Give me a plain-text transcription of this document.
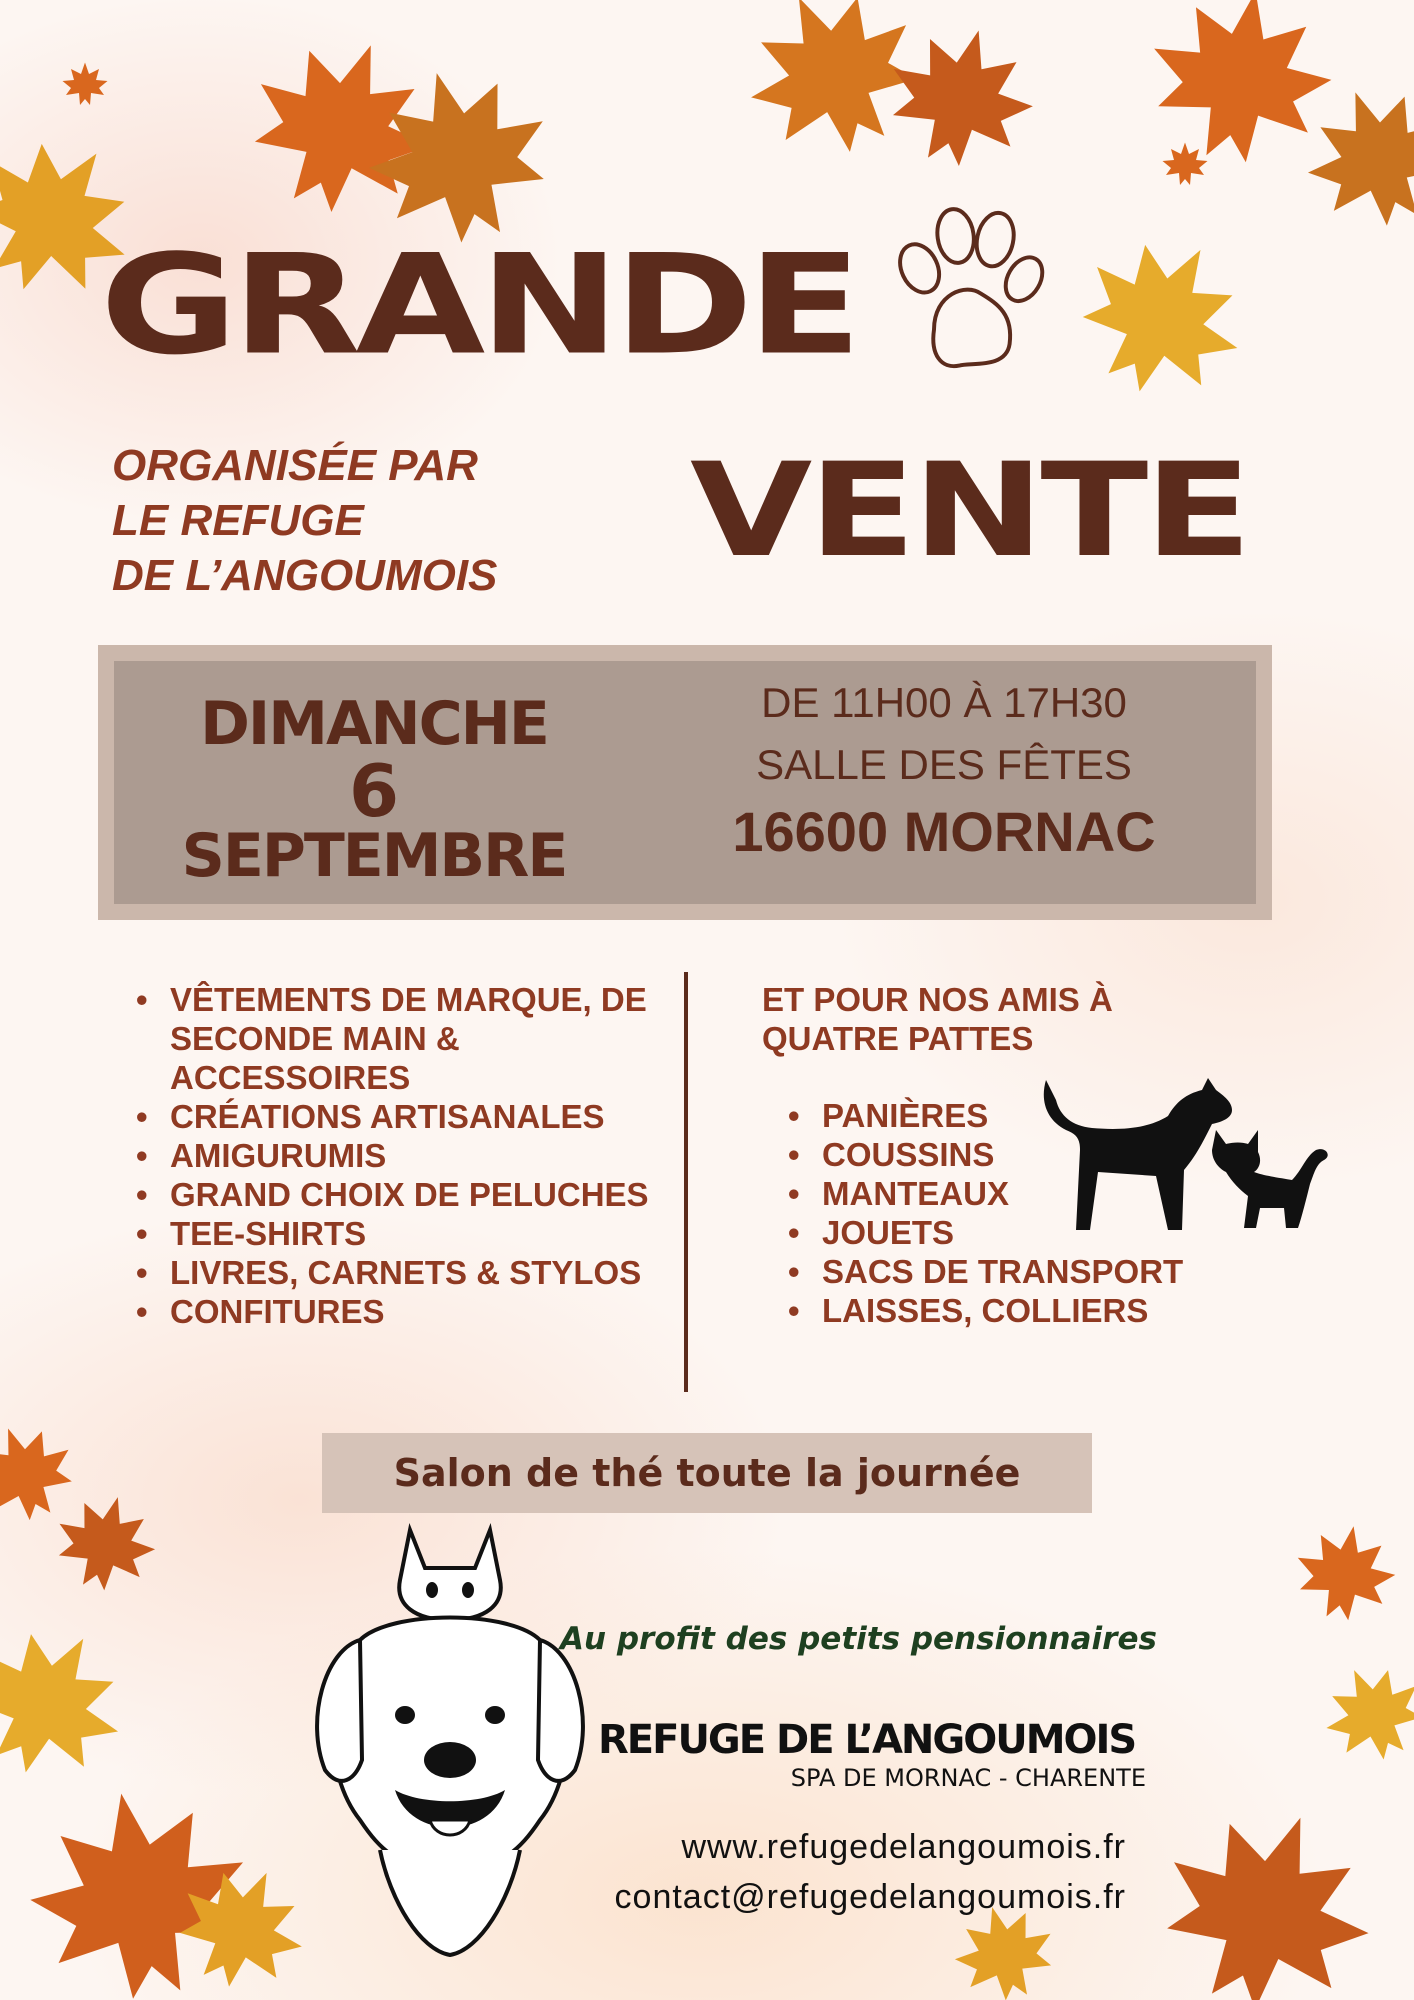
GRANDE
ORGANISÉE PAR
LE REFUGE
DE L’ANGOUMOIS	VENTE
DIMANCHE
6
SEPTEMBRE
DE 11H00 À 17H30
SALLE DES FÊTES
16600 MORNAC
• VÊTEMENTS DE MARQUE, DE SECONDE MAIN & ACCESSOIRES
• CRÉATIONS ARTISANALES
• AMIGURUMIS
• GRAND CHOIX DE PELUCHES
• TEE-SHIRTS
• LIVRES, CARNETS & STYLOS
• CONFITURES
ET POUR NOS AMIS À QUATRE PATTES
• PANIÈRES
• COUSSINS
• MANTEAUX
• JOUETS
• SACS DE TRANSPORT
• LAISSES, COLLIERS
Salon de thé toute la journée
Au profit des petits pensionnaires
REFUGE DE L’ANGOUMOIS
SPA DE MORNAC - CHARENTE
www.refugedelangoumois.fr
contact@refugedelangoumois.fr
